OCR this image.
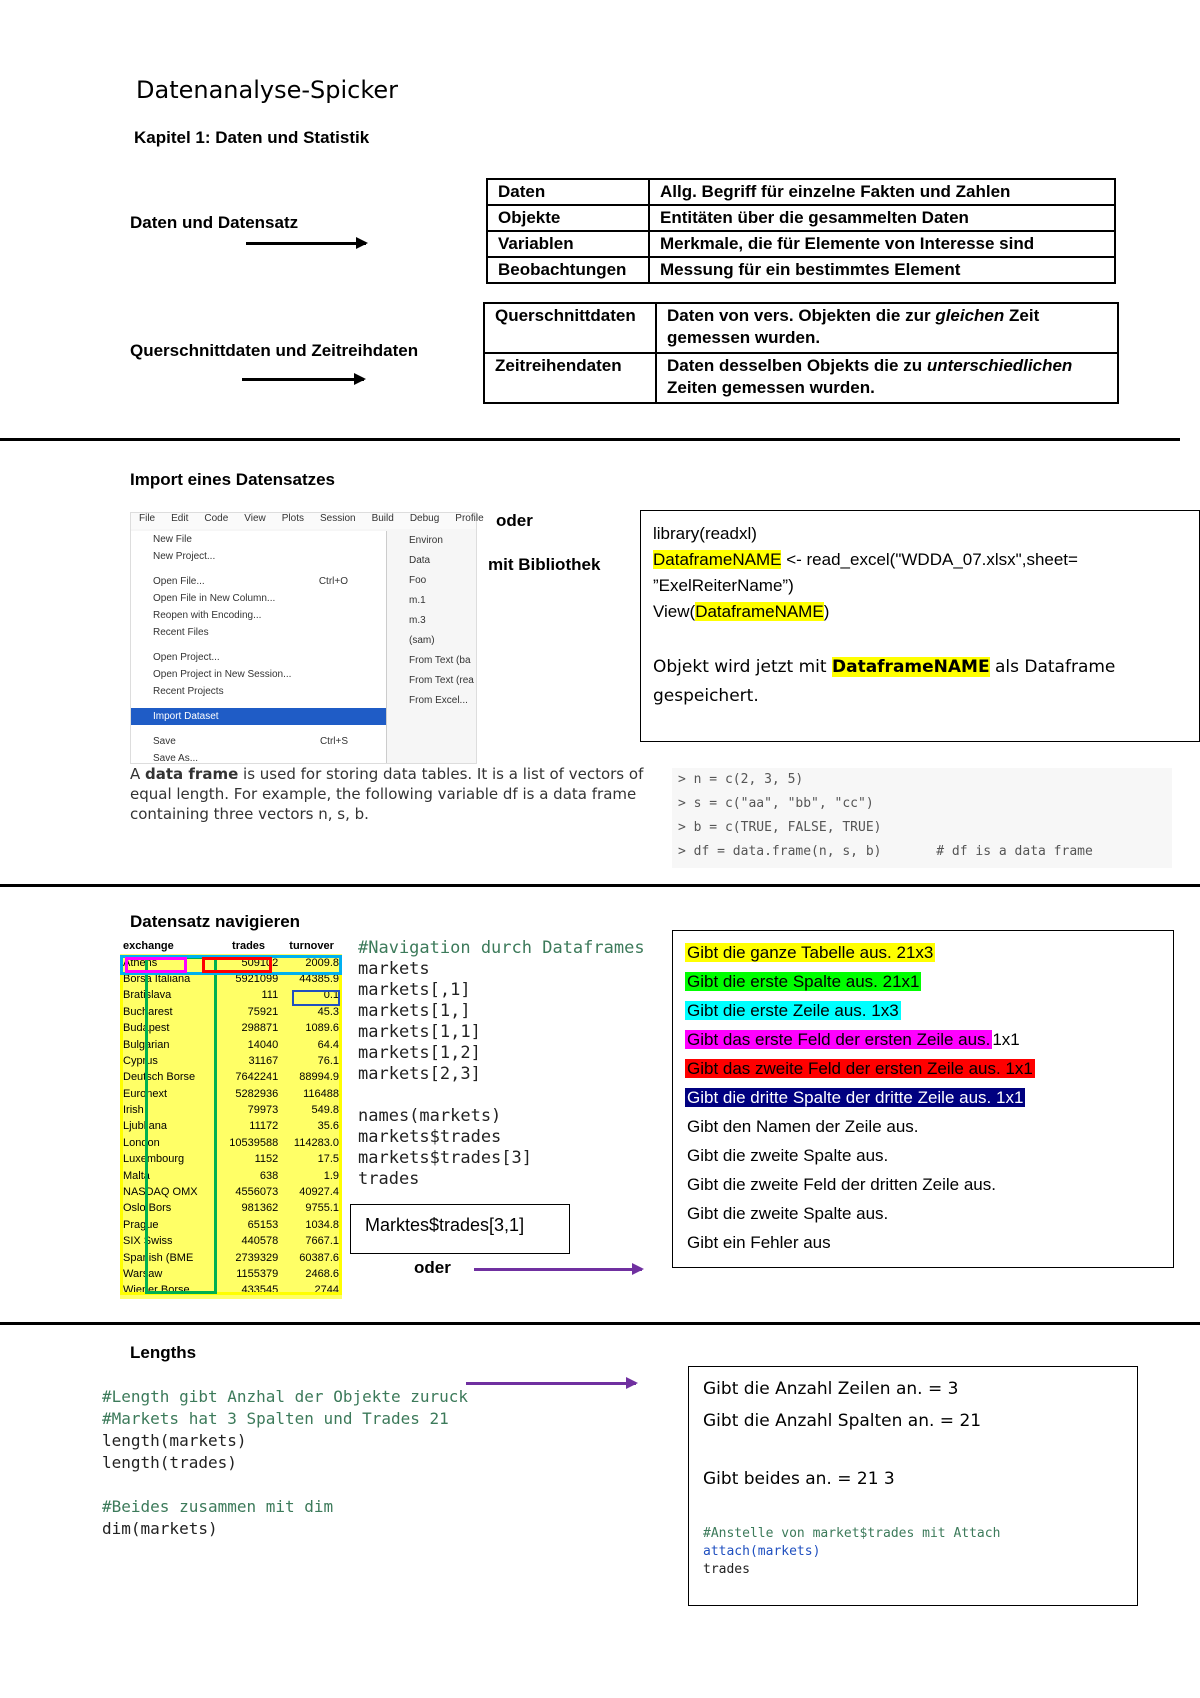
Datenanalyse-Spicker
Kapitel 1: Daten und Statistik
Daten und Datensatz
Daten	Allg. Begriff für einzelne Fakten und Zahlen
Objekte	Entitäten über die gesammelten Daten
Variablen	Merkmale, die für Elemente von Interesse sind
Beobachtungen	Messung für ein bestimmtes Element
Querschnittdaten und Zeitreihdaten
Querschnittdaten	Daten von vers. Objekten die zur gleichen Zeit gemessen wurden.
Zeitreihendaten	Daten desselben Objekts die zu unterschiedlichen Zeiten gemessen wurden.
Import eines Datensatzes
File Edit Code View Plots Session Build Debug Profile
New File
New Project...
Open File...	Ctrl+O
Open File in New Column...
Reopen with Encoding...
Recent Files
Open Project...
Open Project in New Session...
Recent Projects
Import Dataset
Save	Ctrl+S
Save As...
Environ
Data
Foo
m.1
m.3
(sam)
From Text (ba
From Text (rea
From Excel...
oder
mit Bibliothek
library(readxl)
DataframeNAME <- read_excel("WDDA_07.xlsx",sheet=
”ExelReiterName”)
View(DataframeNAME)
Objekt wird jetzt mit DataframeNAME als Dataframe gespeichert.
A data frame is used for storing data tables. It is a list of vectors of equal length. For example, the following variable df is a data frame containing three vectors n, s, b.
> n = c(2, 3, 5)
> s = c("aa", "bb", "cc")
> b = c(TRUE, FALSE, TRUE)
> df = data.frame(n, s, b)       # df is a data frame
Datensatz navigieren
exchange	trades	turnover
Athens	509102	2009.8
Borsa Italiana	5921099	44385.9
Bratislava	111	0.1
Bucharest	75921	45.3
Budapest	298871	1089.6
Bulgarian	14040	64.4
Cyprus	31167	76.1
Deutsch Borse	7642241	88994.9
Euronext	5282936	116488
Irish	79973	549.8
Ljubljana	11172	35.6
London	10539588	114283.0
Luxembourg	1152	17.5
Malta	638	1.9
NASDAQ OMX	4556073	40927.4
Oslo Bors	981362	9755.1
Prague	65153	1034.8
SIX Swiss	440578	7667.1
Spanish (BME	2739329	60387.6
Warsaw	1155379	2468.6
Wiener Borse	433545	2744
#Navigation durch Dataframes
markets
markets[,1]
markets[1,]
markets[1,1]
markets[1,2]
markets[2,3]
names(markets)
markets$trades
markets$trades[3]
trades
Marktes$trades[3,1]
oder
Gibt die ganze Tabelle aus. 21x3
Gibt die erste Spalte aus. 21x1
Gibt die erste Zeile aus. 1x3
Gibt das erste Feld der ersten Zeile aus. 1x1
Gibt das zweite Feld der ersten Zeile aus. 1x1
Gibt die dritte Spalte der dritte Zeile aus. 1x1
Gibt den Namen der Zeile aus.
Gibt die zweite Spalte aus.
Gibt die zweite Feld der dritten Zeile aus.
Gibt die zweite Spalte aus.
Gibt ein Fehler aus
Lengths
#Length gibt Anzhal der Objekte zuruck
#Markets hat 3 Spalten und Trades 21
length(markets)
length(trades)
#Beides zusammen mit dim
dim(markets)
Gibt die Anzahl Zeilen an. = 3
Gibt die Anzahl Spalten an. = 21
Gibt beides an. = 21 3
#Anstelle von market$trades mit Attach
attach(markets)
trades
